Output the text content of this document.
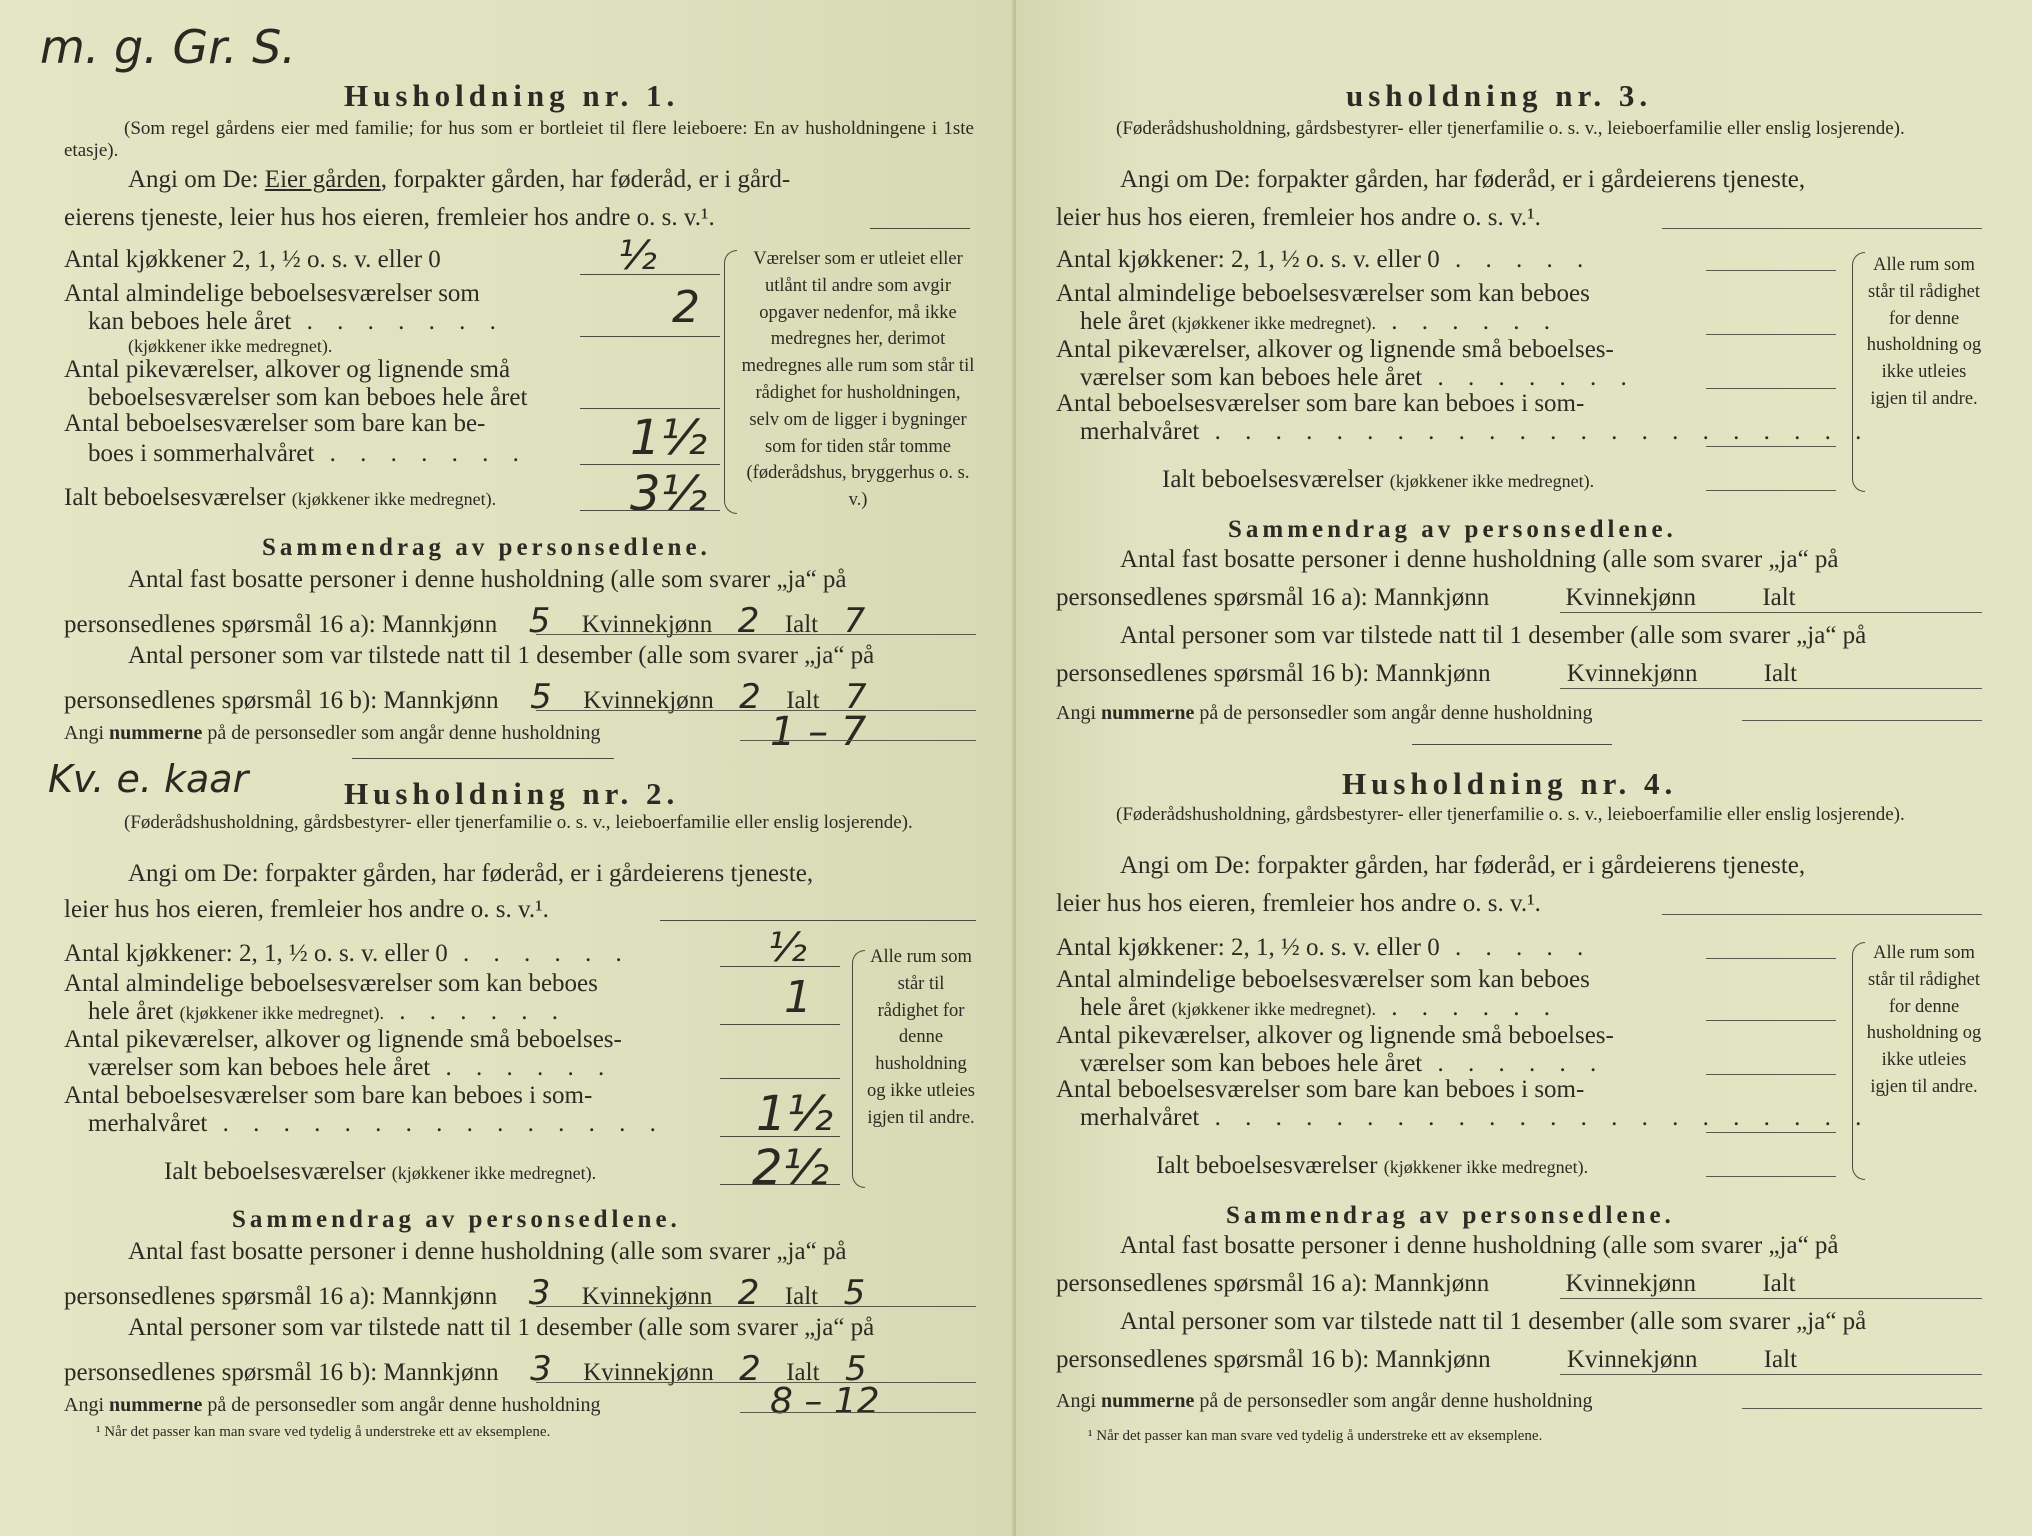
m. g. Gr. S.
Husholdning nr. 1.
(Som regel gårdens eier med familie; for hus som er bortleiet til flere leieboere: En av husholdningene i 1ste etasje).
Angi om De: Eier gården, forpakter gården, har føderåd, er i gård-
eierens tjeneste, leier hus hos eieren, fremleier hos andre o. s. v.¹.
Antal kjøkkener 2, 1, ½ o. s. v. eller 0	½
Antal almindelige beboelsesværelser som
kan beboes hele året . . . . . . .
(kjøkkener ikke medregnet).
2
Antal pikeværelser, alkover og lignende små
beboelsesværelser som kan beboes hele året
Antal beboelsesværelser som bare kan be-
boes i sommerhalvåret . . . . . . . 1½
Ialt beboelsesværelser (kjøkkener ikke medregnet).	3½
Værelser som er utleiet eller utlånt til andre som avgir opgaver nedenfor, må ikke medregnes her, derimot medregnes alle rum som står til rådighet for husholdningen, selv om de ligger i bygninger som for tiden står tomme (føderådshus, bryggerhus o. s. v.)
Sammendrag av personsedlene.
Antal fast bosatte personer i denne husholdning (alle som svarer „ja“ på
personsedlenes spørsmål 16 a): Mannkjønn 5 Kvinnekjønn 2 Ialt 7
Antal personer som var tilstede natt til 1 desember (alle som svarer „ja“ på
personsedlenes spørsmål 16 b): Mannkjønn 5 Kvinnekjønn 2 Ialt 7
Angi nummerne på de personsedler som angår denne husholdning	1 – 7
Kv. e. kaar	Husholdning nr. 2.
(Føderådshusholdning, gårdsbestyrer- eller tjenerfamilie o. s. v., leieboerfamilie eller enslig losjerende).
Angi om De: forpakter gården, har føderåd, er i gårdeierens tjeneste,
leier hus hos eieren, fremleier hos andre o. s. v.¹.
Antal kjøkkener: 2, 1, ½ o. s. v. eller 0 . . . . . .	½
Antal almindelige beboelsesværelser som kan beboes
hele året (kjøkkener ikke medregnet). . . . . . .	1
Antal pikeværelser, alkover og lignende små beboelses-
værelser som kan beboes hele året . . . . . .
Antal beboelsesværelser som bare kan beboes i som-
merhalvåret . . . . . . . . . . . . . . . 1½
Ialt beboelsesværelser (kjøkkener ikke medregnet).	2½
Alle rum som står til rådighet for denne husholdning og ikke utleies igjen til andre.
Sammendrag av personsedlene.
Antal fast bosatte personer i denne husholdning (alle som svarer „ja“ på
personsedlenes spørsmål 16 a): Mannkjønn 3 Kvinnekjønn 2 Ialt 5
Antal personer som var tilstede natt til 1 desember (alle som svarer „ja“ på
personsedlenes spørsmål 16 b): Mannkjønn 3 Kvinnekjønn 2 Ialt 5
Angi nummerne på de personsedler som angår denne husholdning	8 – 12
¹ Når det passer kan man svare ved tydelig å understreke ett av eksemplene.
usholdning nr. 3.
(Føderådshusholdning, gårdsbestyrer- eller tjenerfamilie o. s. v., leieboerfamilie eller enslig losjerende).
Angi om De: forpakter gården, har føderåd, er i gårdeierens tjeneste,
leier hus hos eieren, fremleier hos andre o. s. v.¹.
Antal kjøkkener: 2, 1, ½ o. s. v. eller 0 . . . . .
Antal almindelige beboelsesværelser som kan beboes
hele året (kjøkkener ikke medregnet). . . . . . .
Antal pikeværelser, alkover og lignende små beboelses-
værelser som kan beboes hele året . . . . . . .
Antal beboelsesværelser som bare kan beboes i som-
merhalvåret . . . . . . . . . . . . . . . . . . . . . .
Ialt beboelsesværelser (kjøkkener ikke medregnet).
Alle rum som står til rådighet for denne husholdning og ikke utleies igjen til andre.
Sammendrag av personsedlene.
Antal fast bosatte personer i denne husholdning (alle som svarer „ja“ på
personsedlenes spørsmål 16 a): Mannkjønn	Kvinnekjønn	Ialt
Antal personer som var tilstede natt til 1 desember (alle som svarer „ja“ på
personsedlenes spørsmål 16 b): Mannkjønn	Kvinnekjønn	Ialt
Angi nummerne på de personsedler som angår denne husholdning
Husholdning nr. 4.
(Føderådshusholdning, gårdsbestyrer- eller tjenerfamilie o. s. v., leieboerfamilie eller enslig losjerende).
Angi om De: forpakter gården, har føderåd, er i gårdeierens tjeneste,
leier hus hos eieren, fremleier hos andre o. s. v.¹.
Antal kjøkkener: 2, 1, ½ o. s. v. eller 0 . . . . .
Antal almindelige beboelsesværelser som kan beboes
hele året (kjøkkener ikke medregnet). . . . . . .
Antal pikeværelser, alkover og lignende små beboelses-
værelser som kan beboes hele året . . . . . .
Antal beboelsesværelser som bare kan beboes i som-
merhalvåret . . . . . . . . . . . . . . . . . . . . . .
Ialt beboelsesværelser (kjøkkener ikke medregnet).
Alle rum som står til rådighet for denne husholdning og ikke utleies igjen til andre.
Sammendrag av personsedlene.
Antal fast bosatte personer i denne husholdning (alle som svarer „ja“ på
personsedlenes spørsmål 16 a): Mannkjønn	Kvinnekjønn	Ialt
Antal personer som var tilstede natt til 1 desember (alle som svarer „ja“ på
personsedlenes spørsmål 16 b): Mannkjønn	Kvinnekjønn	Ialt
Angi nummerne på de personsedler som angår denne husholdning
¹ Når det passer kan man svare ved tydelig å understreke ett av eksemplene.
